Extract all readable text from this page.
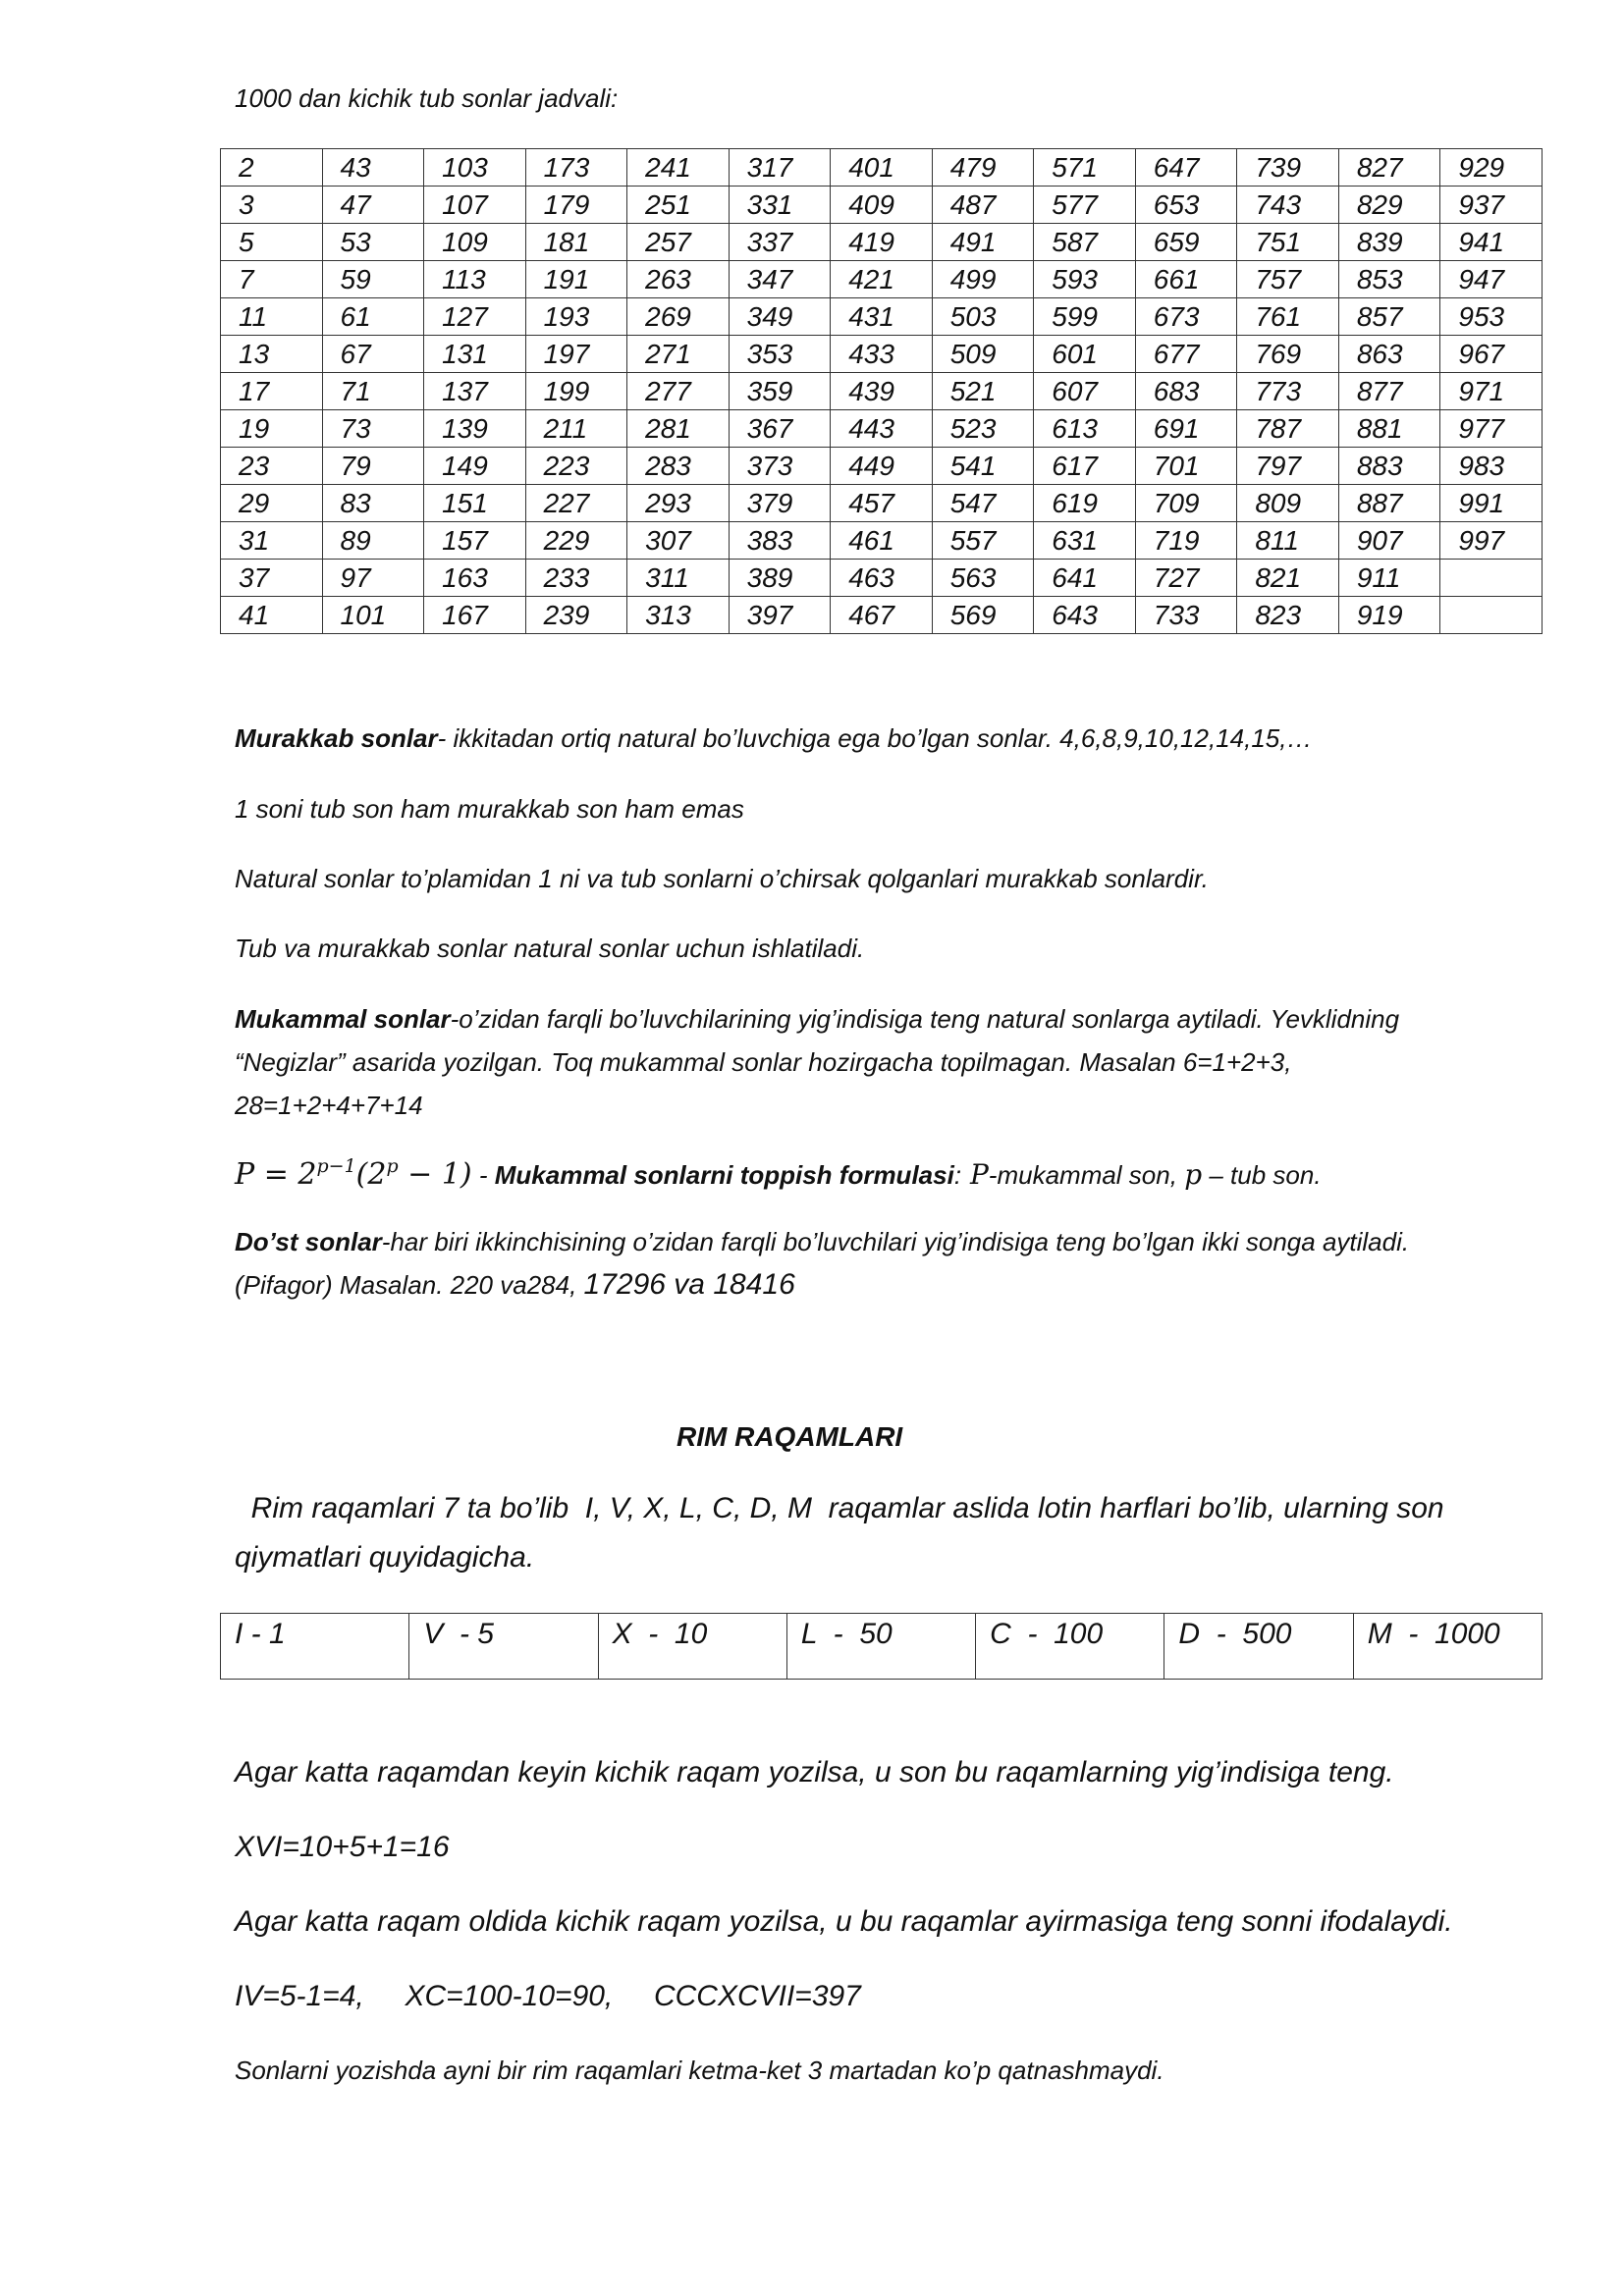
1000 dan kichik tub sonlar jadvali:
2	43	103	173	241	317	401	479	571	647	739	827	929
3	47	107	179	251	331	409	487	577	653	743	829	937
5	53	109	181	257	337	419	491	587	659	751	839	941
7	59	113	191	263	347	421	499	593	661	757	853	947
11	61	127	193	269	349	431	503	599	673	761	857	953
13	67	131	197	271	353	433	509	601	677	769	863	967
17	71	137	199	277	359	439	521	607	683	773	877	971
19	73	139	211	281	367	443	523	613	691	787	881	977
23	79	149	223	283	373	449	541	617	701	797	883	983
29	83	151	227	293	379	457	547	619	709	809	887	991
31	89	157	229	307	383	461	557	631	719	811	907	997
37	97	163	233	311	389	463	563	641	727	821	911	
41	101	167	239	313	397	467	569	643	733	823	919	
Murakkab sonlar- ikkitadan ortiq natural bo’luvchiga ega bo’lgan sonlar. 4,6,8,9,10,12,14,15,…
1 soni tub son ham murakkab son ham emas
Natural sonlar to’plamidan 1 ni va tub sonlarni o’chirsak qolganlari murakkab sonlardir.
Tub va murakkab sonlar natural sonlar uchun ishlatiladi.
Mukammal sonlar-o’zidan farqli bo’luvchilarining yig’indisiga teng natural sonlarga aytiladi. Yevklidning
“Negizlar” asarida yozilgan. Toq mukammal sonlar hozirgacha topilmagan. Masalan 6=1+2+3,
28=1+2+4+7+14
$P = 2^{p-1}(2^p - 1)$ - Mukammal sonlarni toppish formulasi: P-mukammal son, p – tub son.
Do’st sonlar-har biri ikkinchisining o’zidan farqli bo’luvchilari yig’indisiga teng bo’lgan ikki songa aytiladi.
(Pifagor) Masalan. 220 va284, 17296 va 18416
RIM RAQAMLARI
Rim raqamlari 7 ta bo’lib  I, V, X, L, C, D, M  raqamlar aslida lotin harflari bo’lib, ularning son
qiymatlari quyidagicha.
I - 1	V  - 5	X  -  10	L  -  50	C  -  100	D  -  500	M  -  1000
Agar katta raqamdan keyin kichik raqam yozilsa, u son bu raqamlarning yig’indisiga teng.
XVI=10+5+1=16
Agar katta raqam oldida kichik raqam yozilsa, u bu raqamlar ayirmasiga teng sonni ifodalaydi.
IV=5-1=4,     XC=100-10=90,     CCCXCVII=397
Sonlarni yozishda ayni bir rim raqamlari ketma-ket 3 martadan ko’p qatnashmaydi.
